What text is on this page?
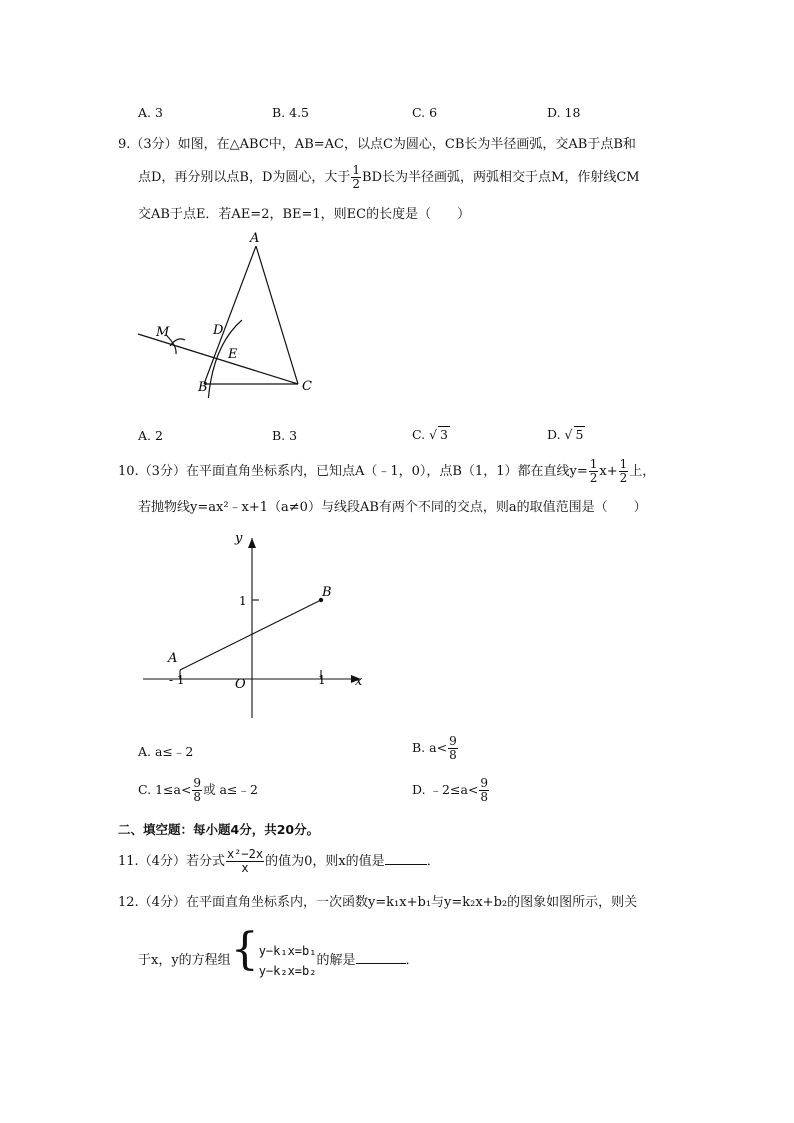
A. 3	B. 4.5	C. 6	D. 18
9.（3分）如图，在△ABC中，AB=AC，以点C为圆心，CB长为半径画弧，交AB于点B和
点D，再分别以点B，D为圆心，大于 $\frac{1}{2}$ BD长为半径画弧，两弧相交于点M，作射线CM
交AB于点E．若AE=2，BE=1，则EC的长度是（　　）
A
D
M
E
B	C
A. 2	B. 3	C. √ 3	D. √ 5
10.（3分）在平面直角坐标系内，已知点A（﹣1，0），点B（1，1）都在直线$y= \frac{1}{2} x+ \frac{1}{2}$ 上，
若抛物线y=ax²﹣x+1（a≠0）与线段AB有两个不同的交点，则a的取值范围是（　　）
y
x
O
A
B
- 1	1
1
A. a≤﹣2	B. $a< \frac{9}{8}$
C. $1\le a< \frac{9}{8}$ 或 a≤﹣2	D. ﹣2≤a< $\frac{9}{8}$
二、填空题：每小题4分，共20分。
11.（4分）若分式 $\frac{\text{x²−2x}}{x}$ 的值为0，则x的值是	．
12.（4分）在平面直角坐标系内，一次函数y=k₁x+b₁与y=k₂x+b₂的图象如图所示，则关
于x，y的方程组{ y−k₁x=b₁
y−k₂x=b₂
的解是	．
